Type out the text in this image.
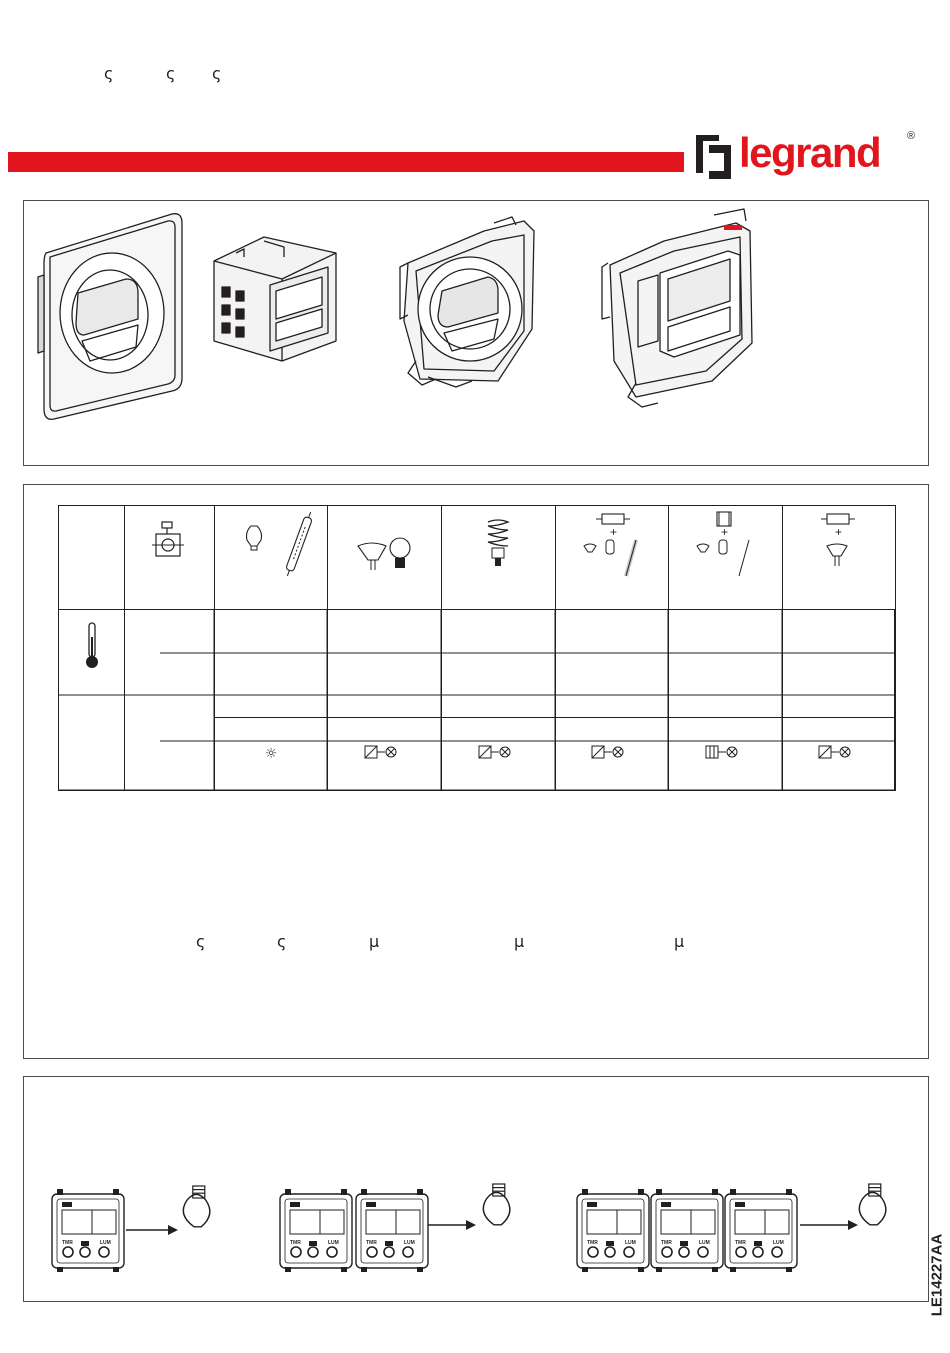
ς	ς ς
legrand ®

+	+	+

		☼					
ς	ς	μ	μ	μ
TMR	LUM	TMR	LUM	TMR	LUM	TMR	LUM	TMR	LUM	TMR	LUM	LE14227AA
